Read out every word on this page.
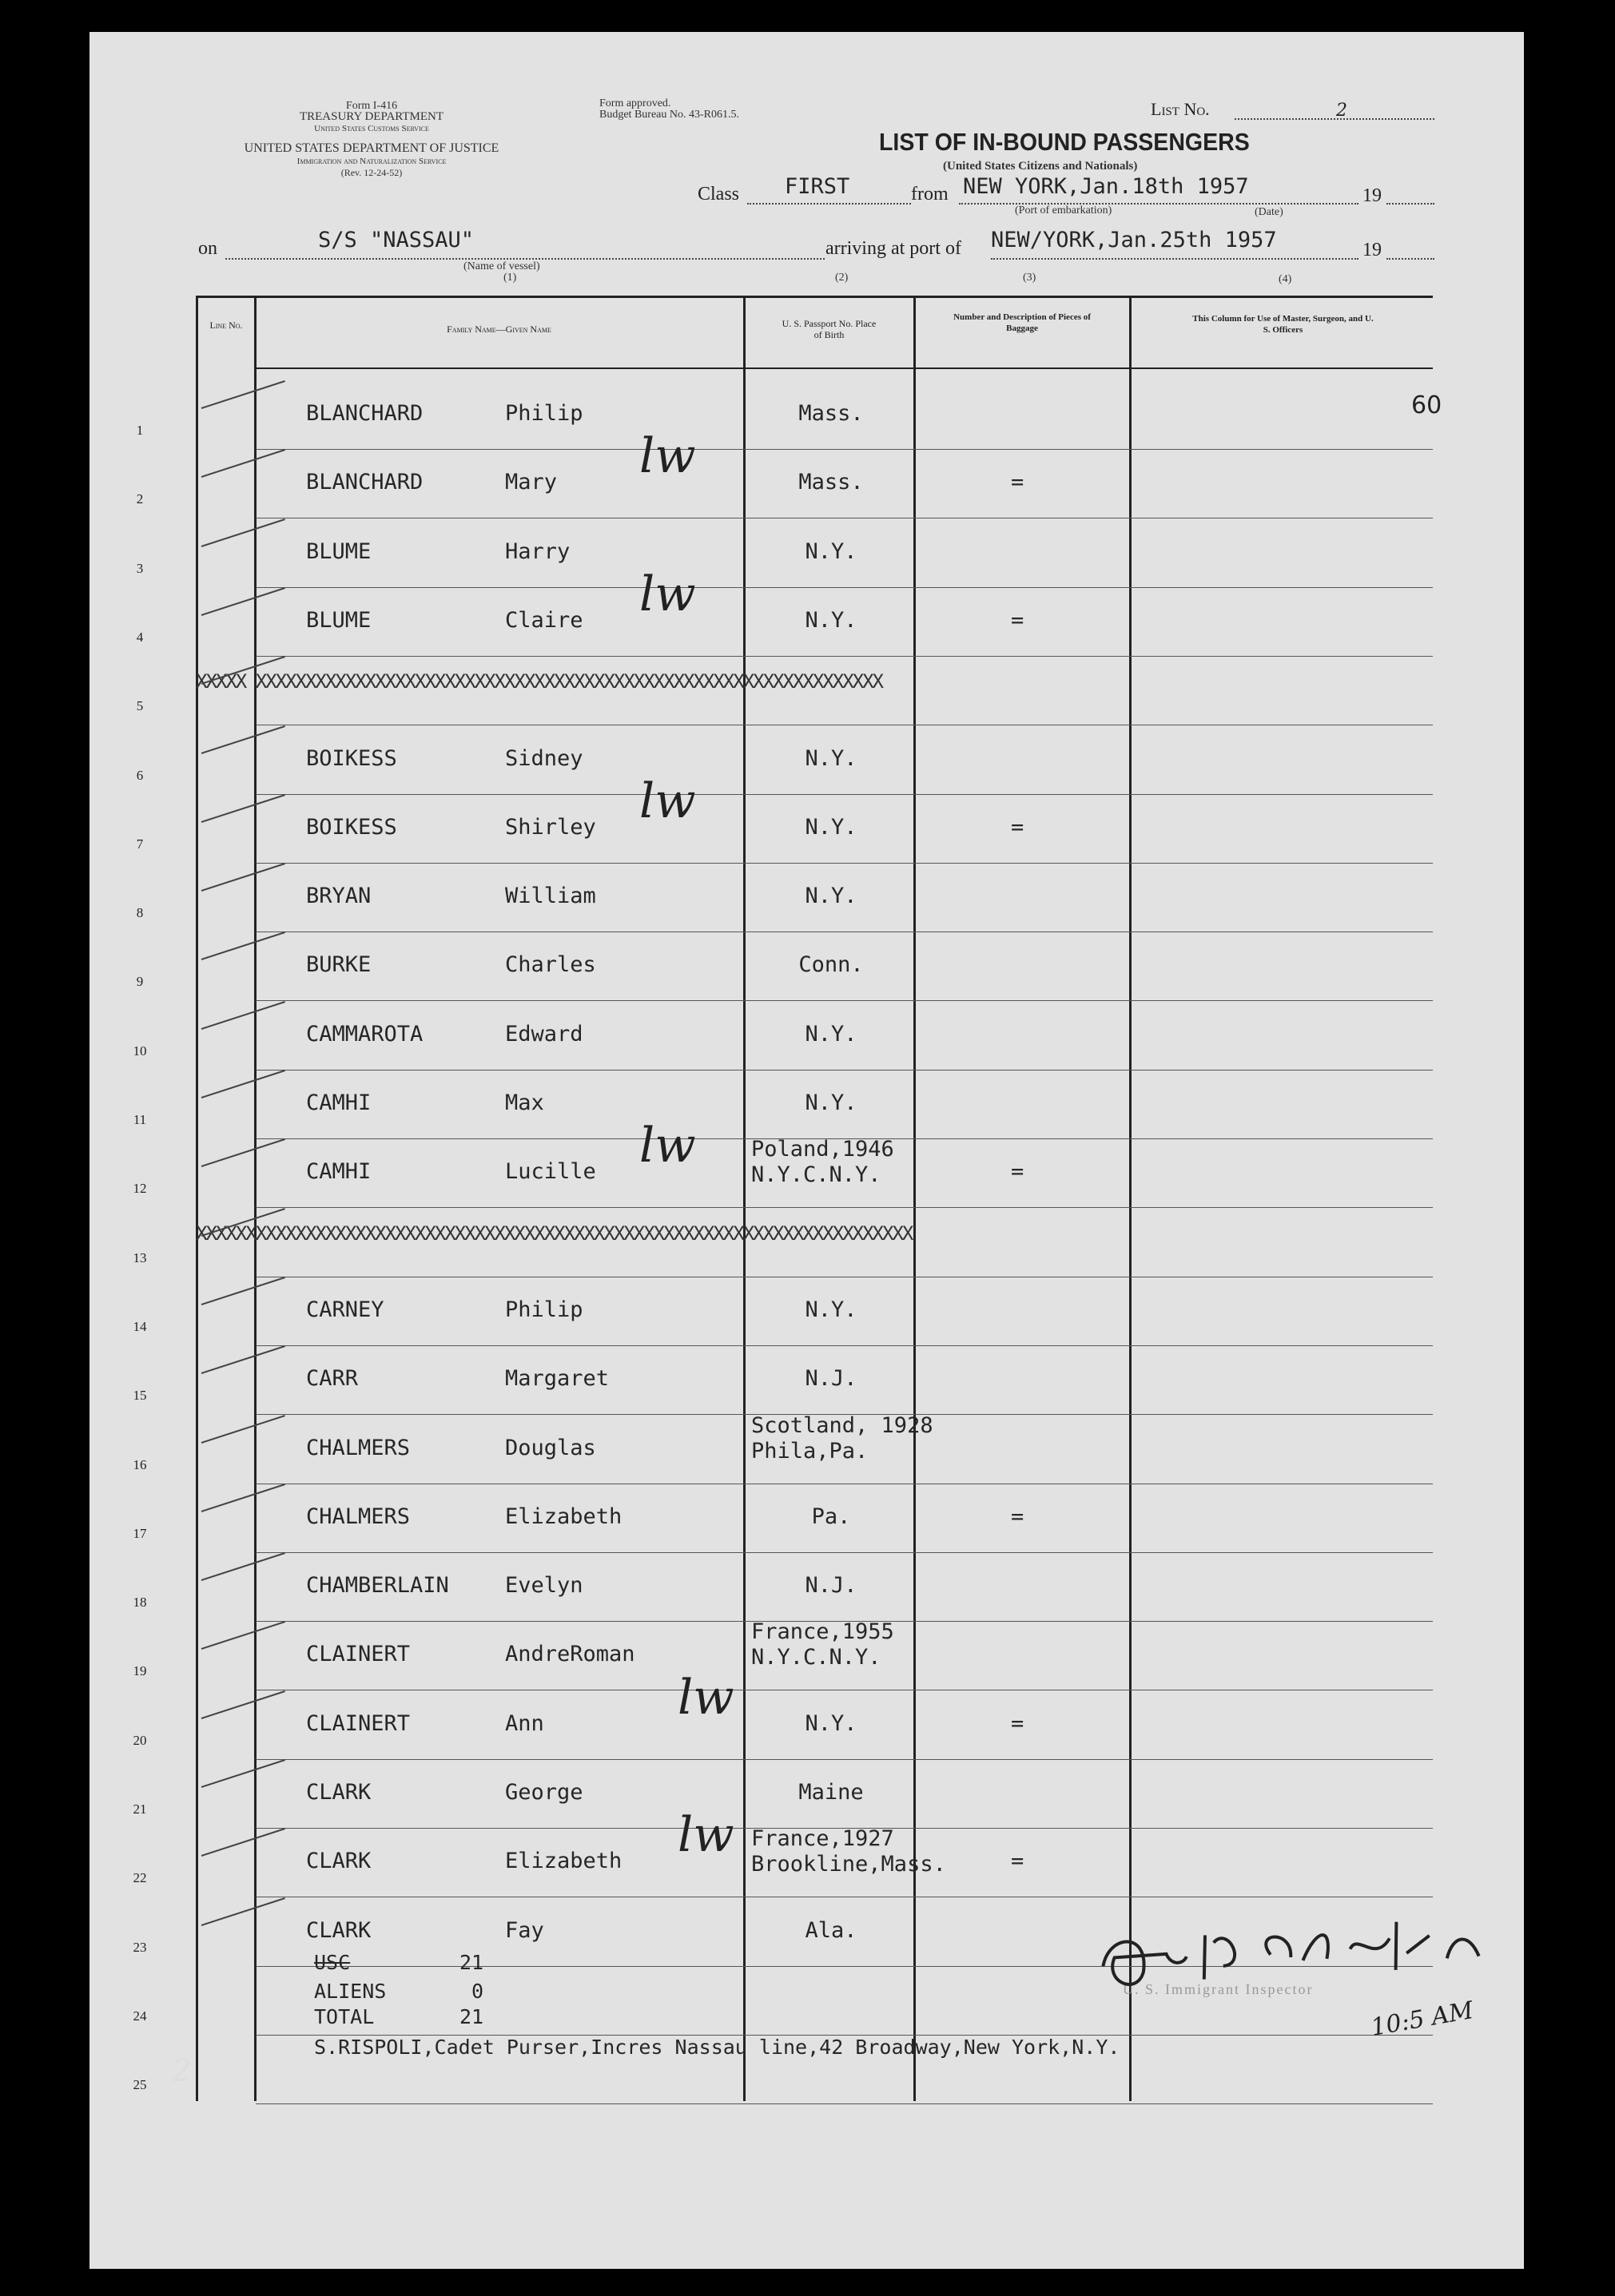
Form I-416
TREASURY DEPARTMENT
United States Customs Service
UNITED STATES DEPARTMENT OF JUSTICE
Immigration and Naturalization Service
(Rev. 12-24-52)
Form approved.
Budget Bureau No. 43-R061.5.	List No.	2
LIST OF IN-BOUND PASSENGERS
(United States Citizens and Nationals)
Class FIRST	from NEW YORK,Jan.18th 1957	19
(Port of embarkation)	(Date)
on	S/S "NASSAU"
(Name of vessel)
(1)
arriving at port of NEW/YORK,Jan.25th 1957	19
(2)	(3)	(4)
Line No.	Family Name—Given Name	U. S. Passport No. Place of Birth
Number and Description of Pieces of Baggage
This Column for Use of Master, Surgeon, and U. S. Officers
60
1
BLANCHARD	Philip	Mass.
2
BLANCHARD	Mary	Mass.	=
lw
3
BLUME	Harry	N.Y.
4
BLUME	Claire	N.Y.	=
lw
5
XXXXX XXXXXXXXXXXXXXXXXXXXXXXXXXXXXXXXXXXXXXXXXXXXXXXXXXXXXXXXXXXXXXX
6
BOIKESS	Sidney	N.Y.
7
BOIKESS	Shirley	N.Y.	=
lw
8
BRYAN	William	N.Y.
9
BURKE	Charles	Conn.
10
CAMMAROTA	Edward	N.Y.
11
CAMHI	Max	N.Y.
12
CAMHI	Lucille
Poland,1946
N.Y.C.N.Y.	=
lw
13
XXXXXXXXXXXXXXXXXXXXXXXXXXXXXXXXXXXXXXXXXXXXXXXXXXXXXXXXXXXXXXXXXXXXXXXX
14
CARNEY	Philip	N.Y.
15
CARR	Margaret	N.J.
16
CHALMERS	Douglas
Scotland, 1928
Phila,Pa.
17
CHALMERS	Elizabeth	Pa.	=
18
CHAMBERLAIN	Evelyn	N.J.
19
CLAINERT	AndreRoman
France,1955
N.Y.C.N.Y.
20
CLAINERT	Ann	N.Y.	=
lw
21
CLARK	George	Maine
22
CLARK	Elizabeth
France,1927
Brookline,Mass.	=
lw
23
CLARK	Fay	Ala.
24
25
USC	21
ALIENS	0
TOTAL	21
S.RISPOLI,Cadet Purser,Incres Nassau line,42 Broadway,New York,N.Y.
U. S. Immigrant Inspector
10:5 AM
2
